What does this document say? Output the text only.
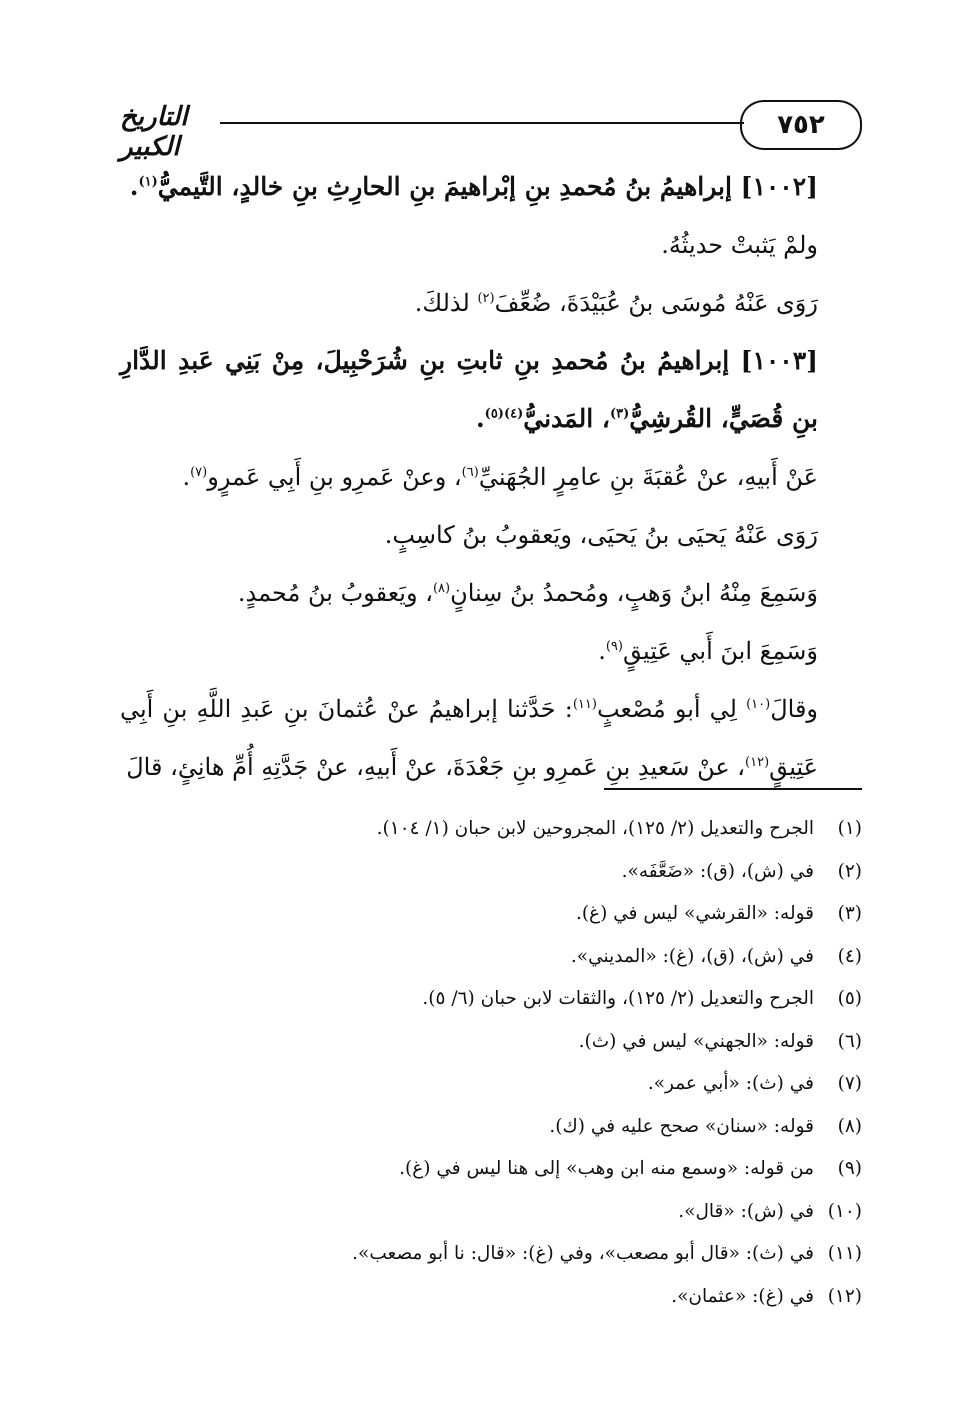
٧٥٢
التاريخ الكبير

[١٠٠٢] إبراهيمُ بنُ مُحمدِ بنِ إبْراهيمَ بنِ الحارِثِ بنِ خالدٍ، التَّيميُّ$^{(١)}$.

ولمْ يَثبتْ حديثُهُ.

رَوَى عَنْهُ مُوسَى بنُ عُبَيْدَةَ، ضُعِّفَ$^{(٢)}$ لذلكَ.

[١٠٠٣] إبراهيمُ بنُ مُحمدِ بنِ ثابتِ بنِ شُرَحْبِيلَ، مِنْ بَنِي عَبدِ الدَّارِ بنِ قُصَيٍّ، القُرشِيُّ$^{(٣)}$، المَدنيُّ$^{(٤)(٥)}$.

عَنْ أَبيهِ، عنْ عُقبَةَ بنِ عامِرٍ الجُهَنيِّ$^{(٦)}$، وعنْ عَمرِو بنِ أَبِي عَمرٍو$^{(٧)}$.

رَوَى عَنْهُ يَحيَى بنُ يَحيَى، ويَعقوبُ بنُ كاسِبٍ.

وَسَمِعَ مِنْهُ ابنُ وَهبٍ، ومُحمدُ بنُ سِنانٍ$^{(٨)}$، ويَعقوبُ بنُ مُحمدٍ.

وَسَمِعَ ابنَ أَبي عَتِيقٍ$^{(٩)}$.

وقالَ$^{(١٠)}$ لِي أبو مُصْعبٍ$^{(١١)}$: حَدَّثنا إبراهيمُ عنْ عُثمانَ بنِ عَبدِ اللَّهِ بنِ أَبِي عَتِيقٍ$^{(١٢)}$، عنْ سَعيدِ بنِ عَمرِو بنِ جَعْدَةَ، عنْ أَبيهِ، عنْ جَدَّتِهِ أُمِّ هانِئٍ، قالَ

(١)الجرح والتعديل (٢/ ١٢٥)، المجروحين لابن حبان (١/ ١٠٤).
(٢)في (ش)، (ق): «ضَعَّفَه».
(٣)قوله: «القرشي» ليس في (غ).
(٤)في (ش)، (ق)، (غ): «المديني».
(٥)الجرح والتعديل (٢/ ١٢٥)، والثقات لابن حبان (٦/ ٥).
(٦)قوله: «الجهني» ليس في (ث).
(٧)في (ث): «أبي عمر».
(٨)قوله: «سنان» صحح عليه في (ك).
(٩)من قوله: «وسمع منه ابن وهب» إلى هنا ليس في (غ).
(١٠)في (ش): «قال».
(١١)في (ث): «قال أبو مصعب»، وفي (غ): «قال: نا أبو مصعب».
(١٢)في (غ): «عثمان».
